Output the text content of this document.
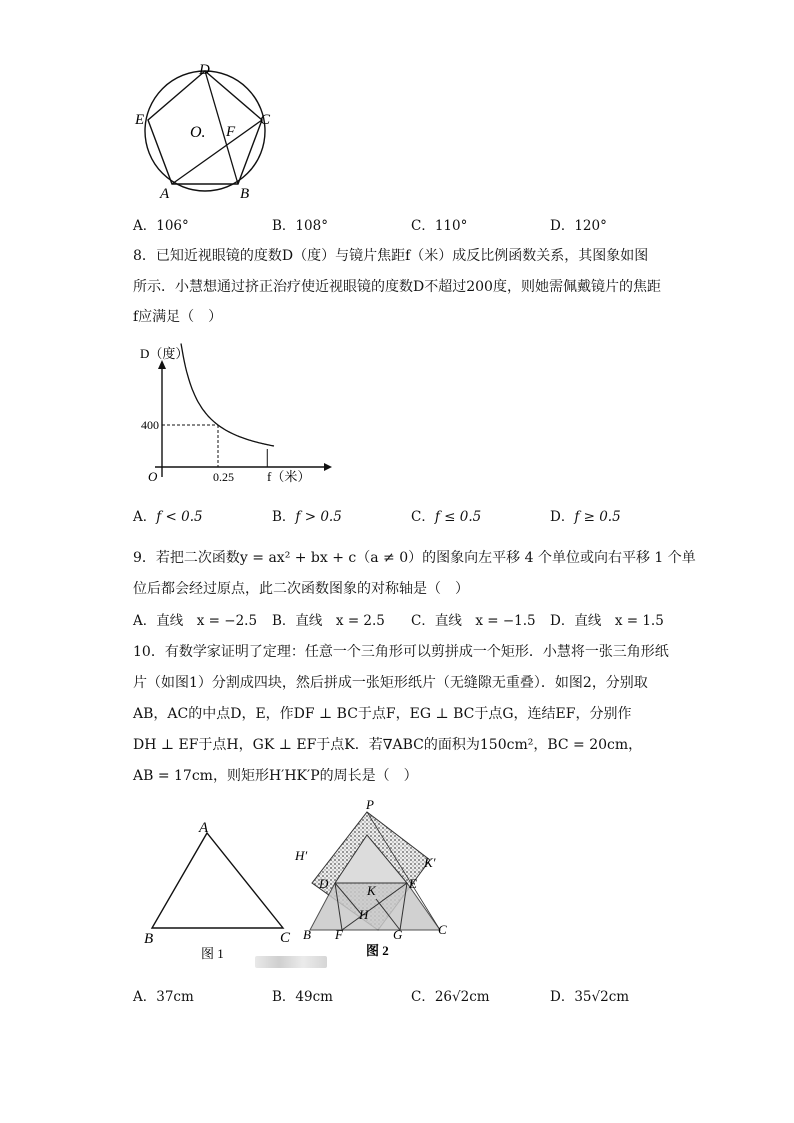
D
E
O. F
C
A	B
A．106°	B．108°	C．110°	D．120°
8．已知近视眼镜的度数D（度）与镜片焦距f（米）成反比例函数关系，其图象如图
所示．小慧想通过挤正治疗使近视眼镜的度数D不超过200度，则她需佩戴镜片的焦距
f应满足（　）
D（度）
400
O	0.25	f（米）
A．f < 0.5	B．f > 0.5	C．f ≤ 0.5	D．f ≥ 0.5
9．若把二次函数y = ax² + bx + c（a ≠ 0）的图象向左平移 4 个单位或向右平移 1 个单
位后都会经过原点，此二次函数图象的对称轴是（　）
A．直线　x = −2.5 B．直线　x = 2.5 C．直线　x = −1.5 D．直线　x = 1.5
10．有数学家证明了定理：任意一个三角形可以剪拼成一个矩形．小慧将一张三角形纸
片（如图1）分割成四块，然后拼成一张矩形纸片（无缝隙无重叠）．如图2，分别取
AB，AC的中点D，E，作DF ⊥ BC于点F，EG ⊥ BC于点G，连结EF，分别作
DH ⊥ EF于点H，GK ⊥ EF于点K．若∇ABC的面积为150cm²，BC = 20cm，
AB = 17cm，则矩形H′HK′P的周长是（　）
A
B	C
图 1
P
H′	K′
D	E
K
H
B F	G	C
图 2
A．37cm	B．49cm	C．26√2cm	D．35√2cm
